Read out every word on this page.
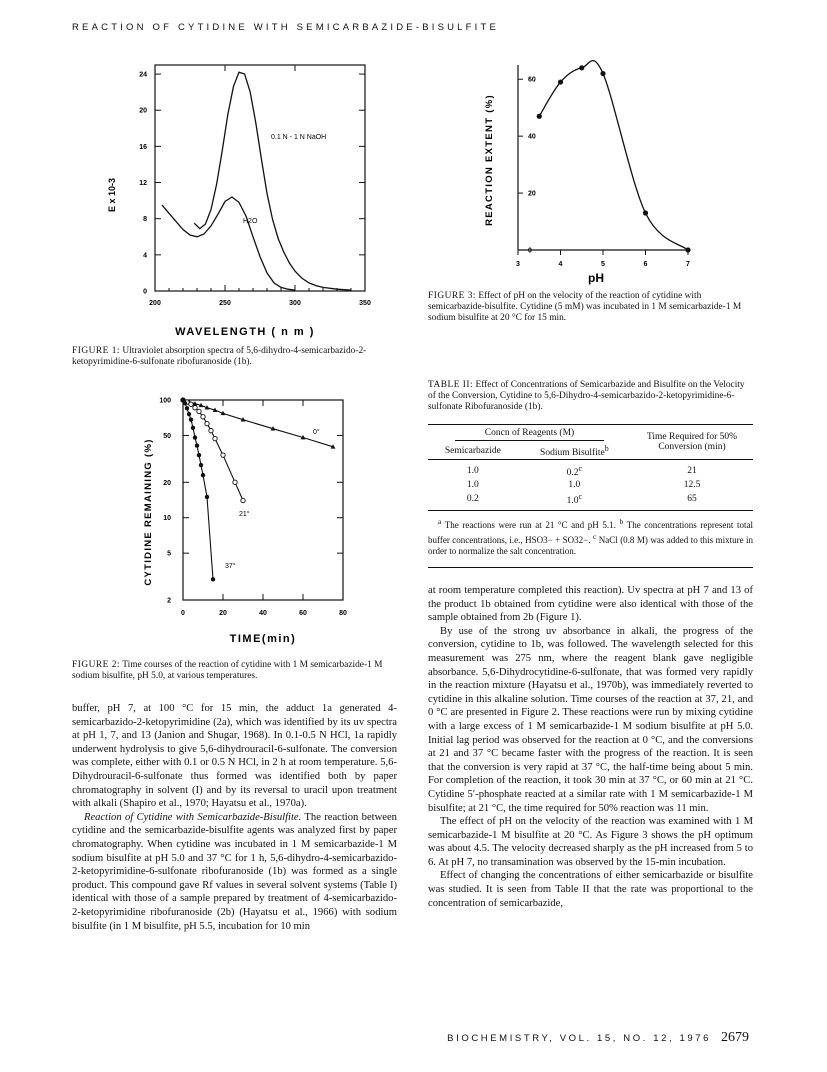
REACTION OF CYTIDINE WITH SEMICARBAZIDE-BISULFITE
200	250	300	350
0
4
8
12
16
20
24
0.1 N - 1 N NaOH
H2O
E x 10-3
WAVELENGTH ( n m )
FIGURE 1: Ultraviolet absorption spectra of 5,6-dihydro-4-semicarbazido-2-ketopyrimidine-6-sulfonate ribofuranoside (1b).
0	20	40	60	80
2
5
10
20
50
100
0°
21°
37°
CYTIDINE REMAINING (%)
TIME(min)
FIGURE 2: Time courses of the reaction of cytidine with 1 M semicarbazide-1 M sodium bisulfite, pH 5.0, at various temperatures.

buffer, pH 7, at 100 °C for 15 min, the adduct 1a generated 4-semicarbazido-2-ketopyrimidine (2a), which was identified by its uv spectra at pH 1, 7, and 13 (Janion and Shugar, 1968). In 0.1-0.5 N HCl, 1a rapidly underwent hydrolysis to give 5,6-dihydrouracil-6-sulfonate. The conversion was complete, either with 0.1 or 0.5 N HCl, in 2 h at room temperature. 5,6-Dihydrouracil-6-sulfonate thus formed was identified both by paper chromatography in solvent (I) and by its reversal to uracil upon treatment with alkali (Shapiro et al., 1970; Hayatsu et al., 1970a).

Reaction of Cytidine with Semicarbazide-Bisulfite. The reaction between cytidine and the semicarbazide-bisulfite agents was analyzed first by paper chromatography. When cytidine was incubated in 1 M semicarbazide-1 M sodium bisulfite at pH 5.0 and 37 °C for 1 h, 5,6-dihydro-4-semicarbazido-2-ketopyrimidine-6-sulfonate ribofuranoside (1b) was formed as a single product. This compound gave Rf values in several solvent systems (Table I) identical with those of a sample prepared by treatment of 4-semicarbazido-2-ketopyrimidine ribofuranoside (2b) (Hayatsu et al., 1966) with sodium bisulfite (in 1 M bisulfite, pH 5.5, incubation for 10 min

3	4	5	6	7
0
20
40
60
REACTION EXTENT (%)
pH
FIGURE 3: Effect of pH on the velocity of the reaction of cytidine with semicarbazide-bisulfite. Cytidine (5 mM) was incubated in 1 M semicarbazide-1 M sodium bisulfite at 20 °C for 15 min.
TABLE II: Effect of Concentrations of Semicarbazide and Bisulfite on the Velocity of the Conversion, Cytidine to 5,6-Dihydro-4-semicarbazido-2-ketopyrimidine-6-sulfonate Ribofuranoside (1b).
Concn of Reagents (M)		Time Required for 50% Conversion (min)
Semicarbazide	Sodium Bisulfite$^b$
1.0	0.2$^c$	21
1.0	1.0	12.5
0.2	1.0$^c$	65
$^a$ The reactions were run at 21 °C and pH 5.1. $^b$ The concentrations represent total buffer concentrations, i.e., HSO3− + SO32−. $^c$ NaCl (0.8 M) was added to this mixture in order to normalize the salt concentration.

at room temperature completed this reaction). Uv spectra at pH 7 and 13 of the product 1b obtained from cytidine were also identical with those of the sample obtained from 2b (Figure 1).

By use of the strong uv absorbance in alkali, the progress of the conversion, cytidine to 1b, was followed. The wavelength selected for this measurement was 275 nm, where the reagent blank gave negligible absorbance. 5,6-Dihydrocytidine-6-sulfonate, that was formed very rapidly in the reaction mixture (Hayatsu et al., 1970b), was immediately reverted to cytidine in this alkaline solution. Time courses of the reaction at 37, 21, and 0 °C are presented in Figure 2. These reactions were run by mixing cytidine with a large excess of 1 M semicarbazide-1 M sodium bisulfite at pH 5.0. Initial lag period was observed for the reaction at 0 °C, and the conversions at 21 and 37 °C became faster with the progress of the reaction. It is seen that the conversion is very rapid at 37 °C, the half-time being about 5 min. For completion of the reaction, it took 30 min at 37 °C, or 60 min at 21 °C. Cytidine 5′-phosphate reacted at a similar rate with 1 M semicarbazide-1 M bisulfite; at 21 °C, the time required for 50% reaction was 11 min.

The effect of pH on the velocity of the reaction was examined with 1 M semicarbazide-1 M bisulfite at 20 °C. As Figure 3 shows the pH optimum was about 4.5. The velocity decreased sharply as the pH increased from 5 to 6. At pH 7, no transamination was observed by the 15-min incubation.

Effect of changing the concentrations of either semicarbazide or bisulfite was studied. It is seen from Table II that the rate was proportional to the concentration of semicarbazide,

BIOCHEMISTRY, VOL. 15, NO. 12, 1976 2679
